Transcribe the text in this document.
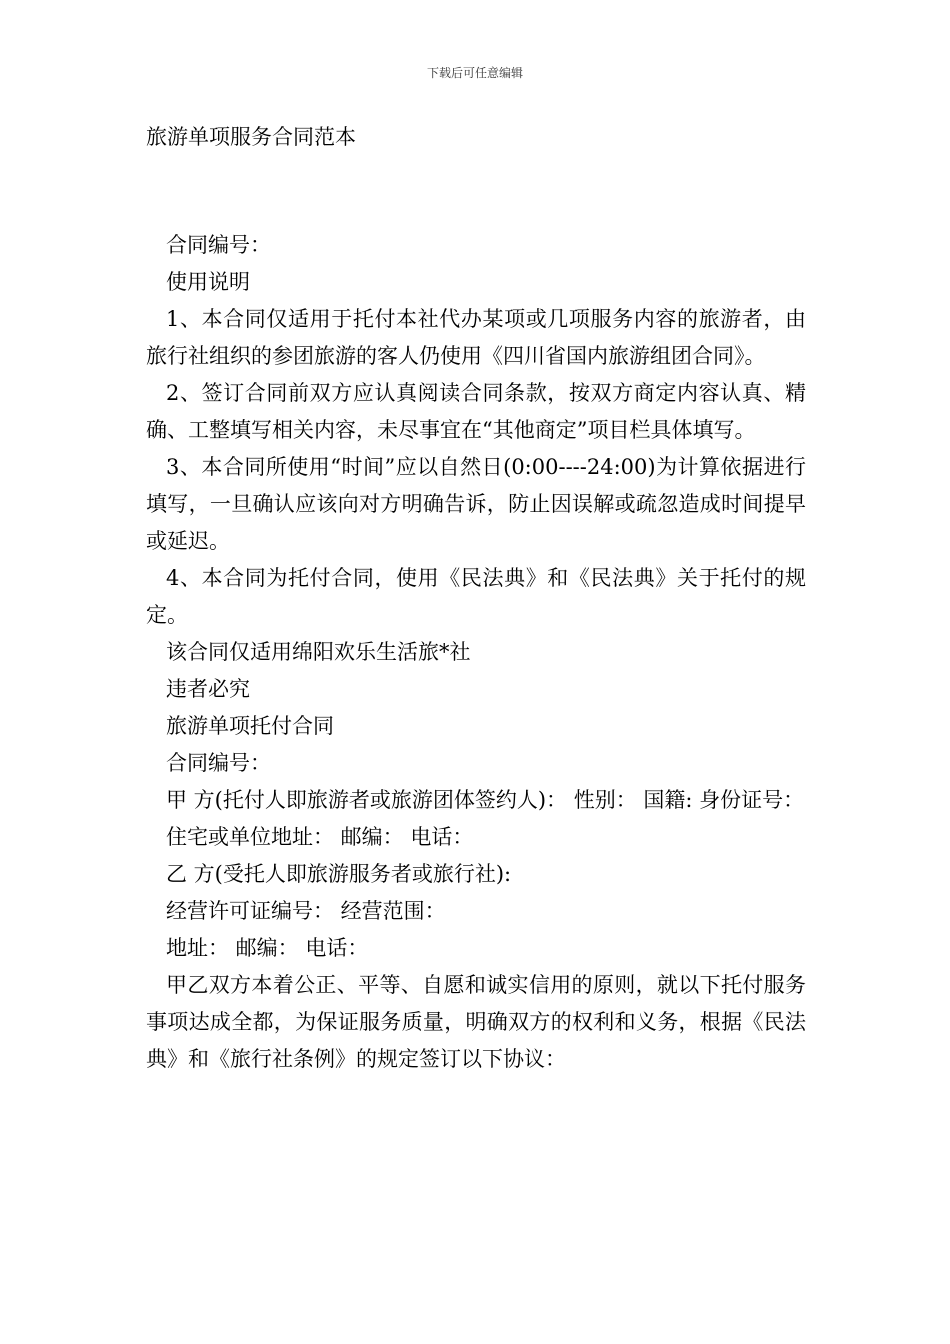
下载后可任意编辑
旅游单项服务合同范本

合同编号：

使用说明

1、本合同仅适用于托付本社代办某项或几项服务内容的旅游者，由旅行社组织的参团旅游的客人仍使用《四川省国内旅游组团合同》。

2、签订合同前双方应认真阅读合同条款，按双方商定内容认真、精确、工整填写相关内容，未尽事宜在“其他商定”项目栏具体填写。

3、本合同所使用“时间”应以自然日(0:00----24:00)为计算依据进行填写，一旦确认应该向对方明确告诉，防止因误解或疏忽造成时间提早或延迟。

4、本合同为托付合同，使用《民法典》和《民法典》关于托付的规定。

该合同仅适用绵阳欢乐生活旅*社

违者必究

旅游单项托付合同

合同编号：

甲 方(托付人即旅游者或旅游团体签约人)： 性别： 国籍: 身份证号：

住宅或单位地址： 邮编： 电话：

乙 方(受托人即旅游服务者或旅行社):

经营许可证编号： 经营范围：

地址： 邮编： 电话：

甲乙双方本着公正、平等、自愿和诚实信用的原则，就以下托付服务事项达成全都，为保证服务质量，明确双方的权利和义务，根据《民法典》和《旅行社条例》的规定签订以下协议：
